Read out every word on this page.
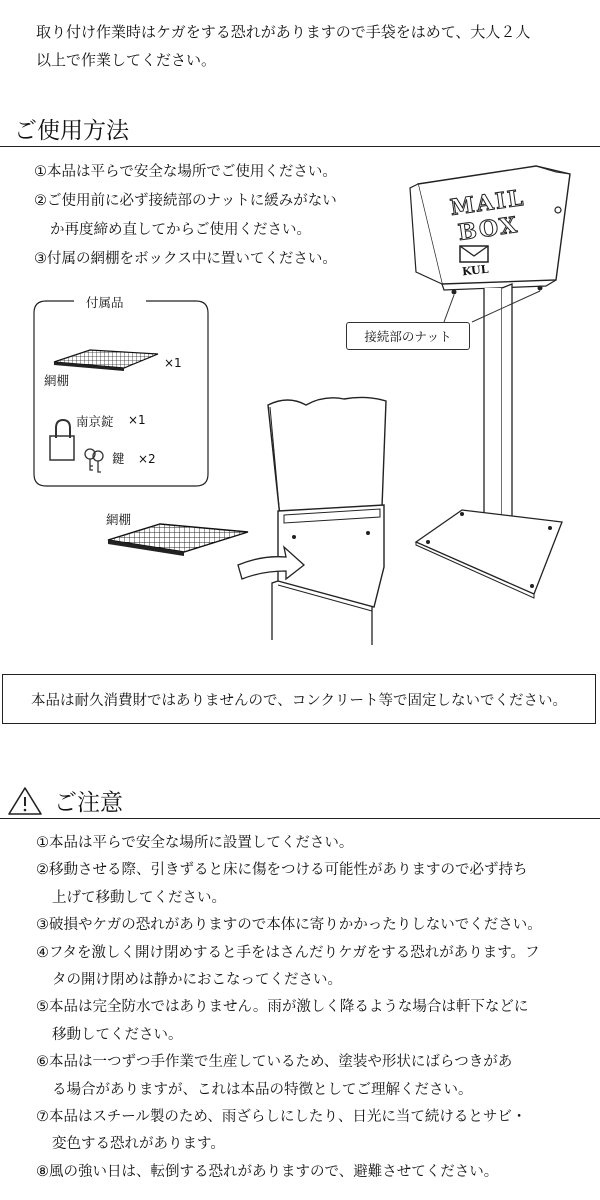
取り付け作業時はケガをする恐れがありますので手袋をはめて、大人２人
以上で作業してください。
ご使用方法

①本品は平らで安全な場所でご使用ください。

②ご使用前に必ず接続部のナットに緩みがない

か再度締め直してからご使用ください。

③付属の網棚をボックス中に置いてください。

付属品
×1
網棚
南京錠 ×1
鍵 ×2
網棚
MAIL
BOX
KUL
接続部のナット
本品は耐久消費財ではありませんので、コンクリート等で固定しないでください。
ご注意

①本品は平らで安全な場所に設置してください。

②移動させる際、引きずると床に傷をつける可能性がありますので必ず持ち

上げて移動してください。

③破損やケガの恐れがありますので本体に寄りかかったりしないでください。

④フタを激しく開け閉めすると手をはさんだりケガをする恐れがあります。フ

タの開け閉めは静かにおこなってください。

⑤本品は完全防水ではありません。雨が激しく降るような場合は軒下などに

移動してください。

⑥本品は一つずつ手作業で生産しているため、塗装や形状にばらつきがあ

る場合がありますが、これは本品の特徴としてご理解ください。

⑦本品はスチール製のため、雨ざらしにしたり、日光に当て続けるとサビ・

変色する恐れがあります。

⑧風の強い日は、転倒する恐れがありますので、避難させてください。
